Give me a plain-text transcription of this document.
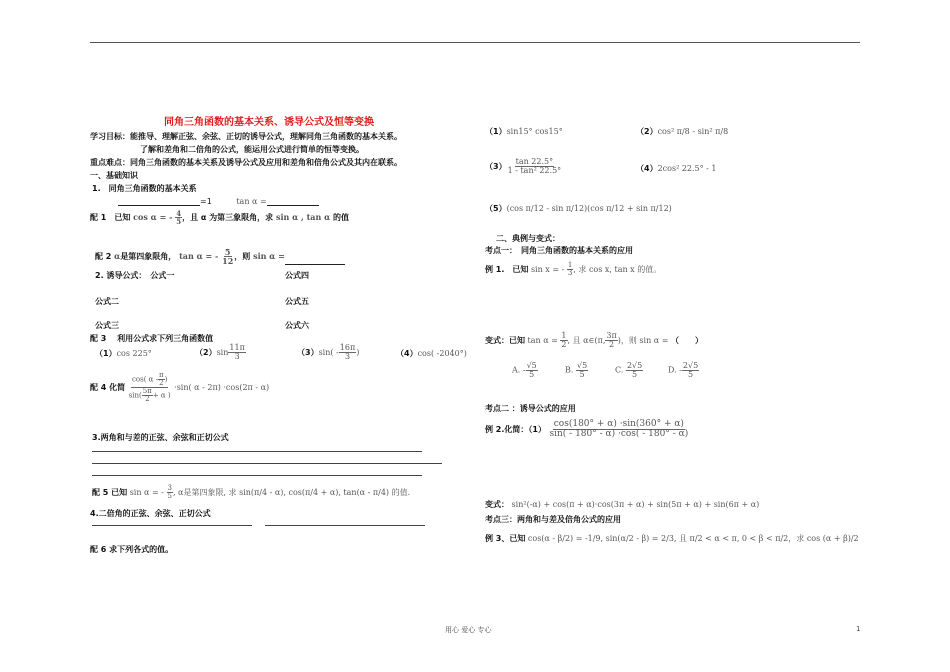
同角三角函数的基本关系、诱导公式及恒等变换
学习目标：能推导、理解正弦、余弦、正切的诱导公式，理解同角三角函数的基本关系。
了解和差角和二倍角的公式，能运用公式进行简单的恒等变换。
重点难点：同角三角函数的基本关系及诱导公式及应用和差角和倍角公式及其内在联系。
一、基础知识
1.　同角三角函数的基本关系
=1	tan α =
配 1　已知 cos α = - $\frac{4}{5}$ ，且 α 为第三象限角，求 sin α , tan α 的值
配 2 α是第四象限角， tan α = - $\frac{5}{12}$ ，则 sin α =
2. 诱导公式：　 公式一	公式四
公式二	公式五
公式三	公式六
配 3　 利用公式求下列三角函数值
（1）cos 225°	$(2)\sin \frac{11\pi}{3}$	$(3)\sin( - \frac{16\pi}{3}$ )	（4）cos( -2040°)
配 4 化简 $\frac{\cos( \alpha - \frac{\pi}{2} )}{\sin( \frac{5\pi}{2} + \alpha )} \cdot\sin$( α - 2π) ·cos(2π - α)
3.两角和与差的正弦、余弦和正切公式
配 5 已知 sin α = - $\frac{3}{5}$ , α是第四象限, 求 sin(π/4 - α), cos(π/4 + α), tan(α - π/4) 的值.
4.二倍角的正弦、余弦、正切公式
配 6 求下列各式的值。
（1）sin15° cos15°	（2）cos² π/8 - sin² π/8
$(3) \frac{\tan 22.5^\circ}{\text{1 - tan² 22.5°}}$	（4）2cos² 22.5° - 1
（5）(cos π/12 - sin π/12)(cos π/12 + sin π/12)
二、典例与变式：
考点一：　同角三角函数的基本关系的应用
例 1.　已知 sin x = - $\frac{1}{3}$ , 求 cos x, tan x 的值。
变式：已知 $\tan \alpha = \frac{1}{2}$ , 且 α∈(π, $\frac{3\pi}{2}$ )，则 sin α = （　　）
A. - $\frac{√5}{5}$	B. $\frac{√5}{5}$	C. $\frac{2√5}{5}$	D. - $\frac{2√5}{5}$
考点二 ：诱导公式的应用
例 2.化简：$(1) \frac{\cos(180^\circ + \alpha) \cdot\sin(360^\circ + \alpha)}{\sin( - 180^\circ - \alpha) \cdot\cos( - 180^\circ - \alpha)}$
变式： sin²(-α) + cos(π + α)·cos(3π + α) + sin(5π + α) + sin(6π + α)
考点三：两角和与差及倍角公式的应用
例 3、已知 cos(α - β/2) = -1/9, sin(α/2 - β) = 2/3, 且 π/2 < α < π, 0 < β < π/2，求 cos (α + β)/2
用心 爱心 专心	1
